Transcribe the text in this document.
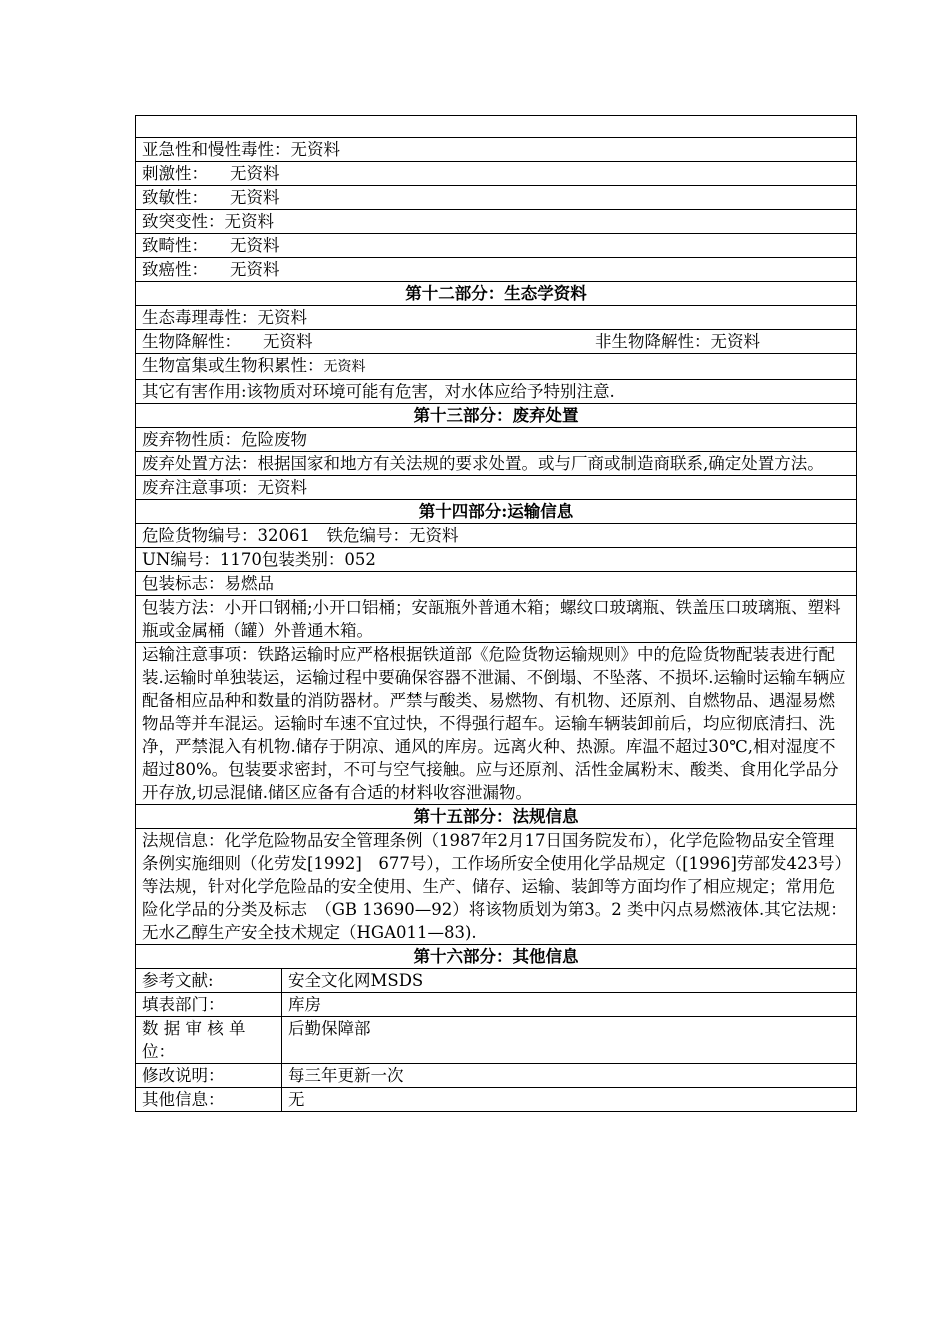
亚急性和慢性毒性：无资料	
刺激性： 无资料	
致敏性： 无资料	
致突变性：无资料	
致畸性： 无资料	
致癌性： 无资料	
第十二部分：生态学资料	
生态毒理毒性：无资料	

生物降解性： 无资料 非生物降解性：无资料	

生物富集或生物积累性：无资料	
其它有害作用:该物质对环境可能有危害，对水体应给予特别注意.	
第十三部分：废弃处置	
废弃物性质：危险废物	
废弃处置方法：根据国家和地方有关法规的要求处置。或与厂商或制造商联系,确定处置方法。	
废弃注意事项：无资料	
第十四部分:运输信息	
危险货物编号：32061　铁危编号：无资料	
UN编号：1170包装类别：052	
包装标志：易燃品	
包装方法：小开口钢桶;小开口铝桶；安瓿瓶外普通木箱；螺纹口玻璃瓶、铁盖压口玻璃瓶、塑料瓶或金属桶（罐）外普通木箱。	
运输注意事项：铁路运输时应严格根据铁道部《危险货物运输规则》中的危险货物配装表进行配装.运输时单独装运，运输过程中要确保容器不泄漏、不倒塌、不坠落、不损坏.运输时运输车辆应配备相应品种和数量的消防器材。严禁与酸类、易燃物、有机物、还原剂、自燃物品、遇湿易燃物品等并车混运。运输时车速不宜过快，不得强行超车。运输车辆装卸前后，均应彻底清扫、洗净，严禁混入有机物.储存于阴凉、通风的库房。远离火种、热源。库温不超过30℃,相对湿度不超过80%。包装要求密封，不可与空气接触。应与还原剂、活性金属粉末、酸类、食用化学品分开存放,切忌混储.储区应备有合适的材料收容泄漏物。	
第十五部分：法规信息	
法规信息：化学危险物品安全管理条例（1987年2月17日国务院发布），化学危险物品安全管理条例实施细则（化劳发[1992]　677号），工作场所安全使用化学品规定（[1996]劳部发423号）等法规，针对化学危险品的安全使用、生产、储存、运输、装卸等方面均作了相应规定；常用危险化学品的分类及标志　（GB 13690—92）将该物质划为第3。2 类中闪点易燃液体.其它法规：无水乙醇生产安全技术规定（HGA011—83).	
第十六部分：其他信息	
参考文献:	安全文化网MSDS
填表部门：	库房
数 据 审 核 单 位：	后勤保障部
修改说明：	每三年更新一次
其他信息：	无
